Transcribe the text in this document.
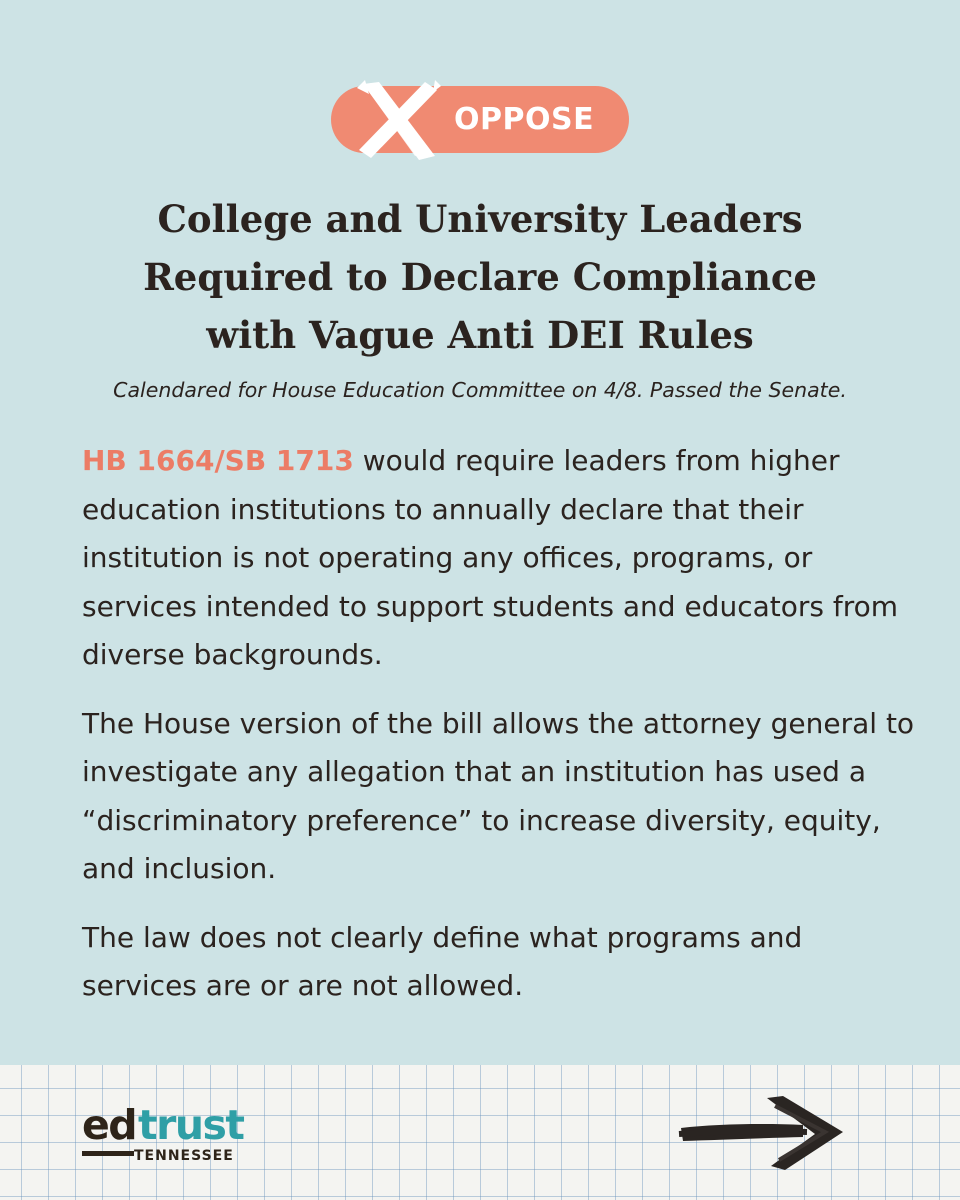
OPPOSE
College and University Leaders
Required to Declare Compliance
with Vague Anti DEI Rules

Calendared for House Education Committee on 4/8. Passed the Senate.

HB 1664/SB 1713 would require leaders from higher education institutions to annually declare that their institution is not operating any offices, programs, or services intended to support students and educators from diverse backgrounds.

The House version of the bill allows the attorney general to investigate any allegation that an institution has used a “discriminatory preference” to increase diversity, equity, and inclusion.

The law does not clearly define what programs and services are or are not allowed.

ed trust
TENNESSEE
